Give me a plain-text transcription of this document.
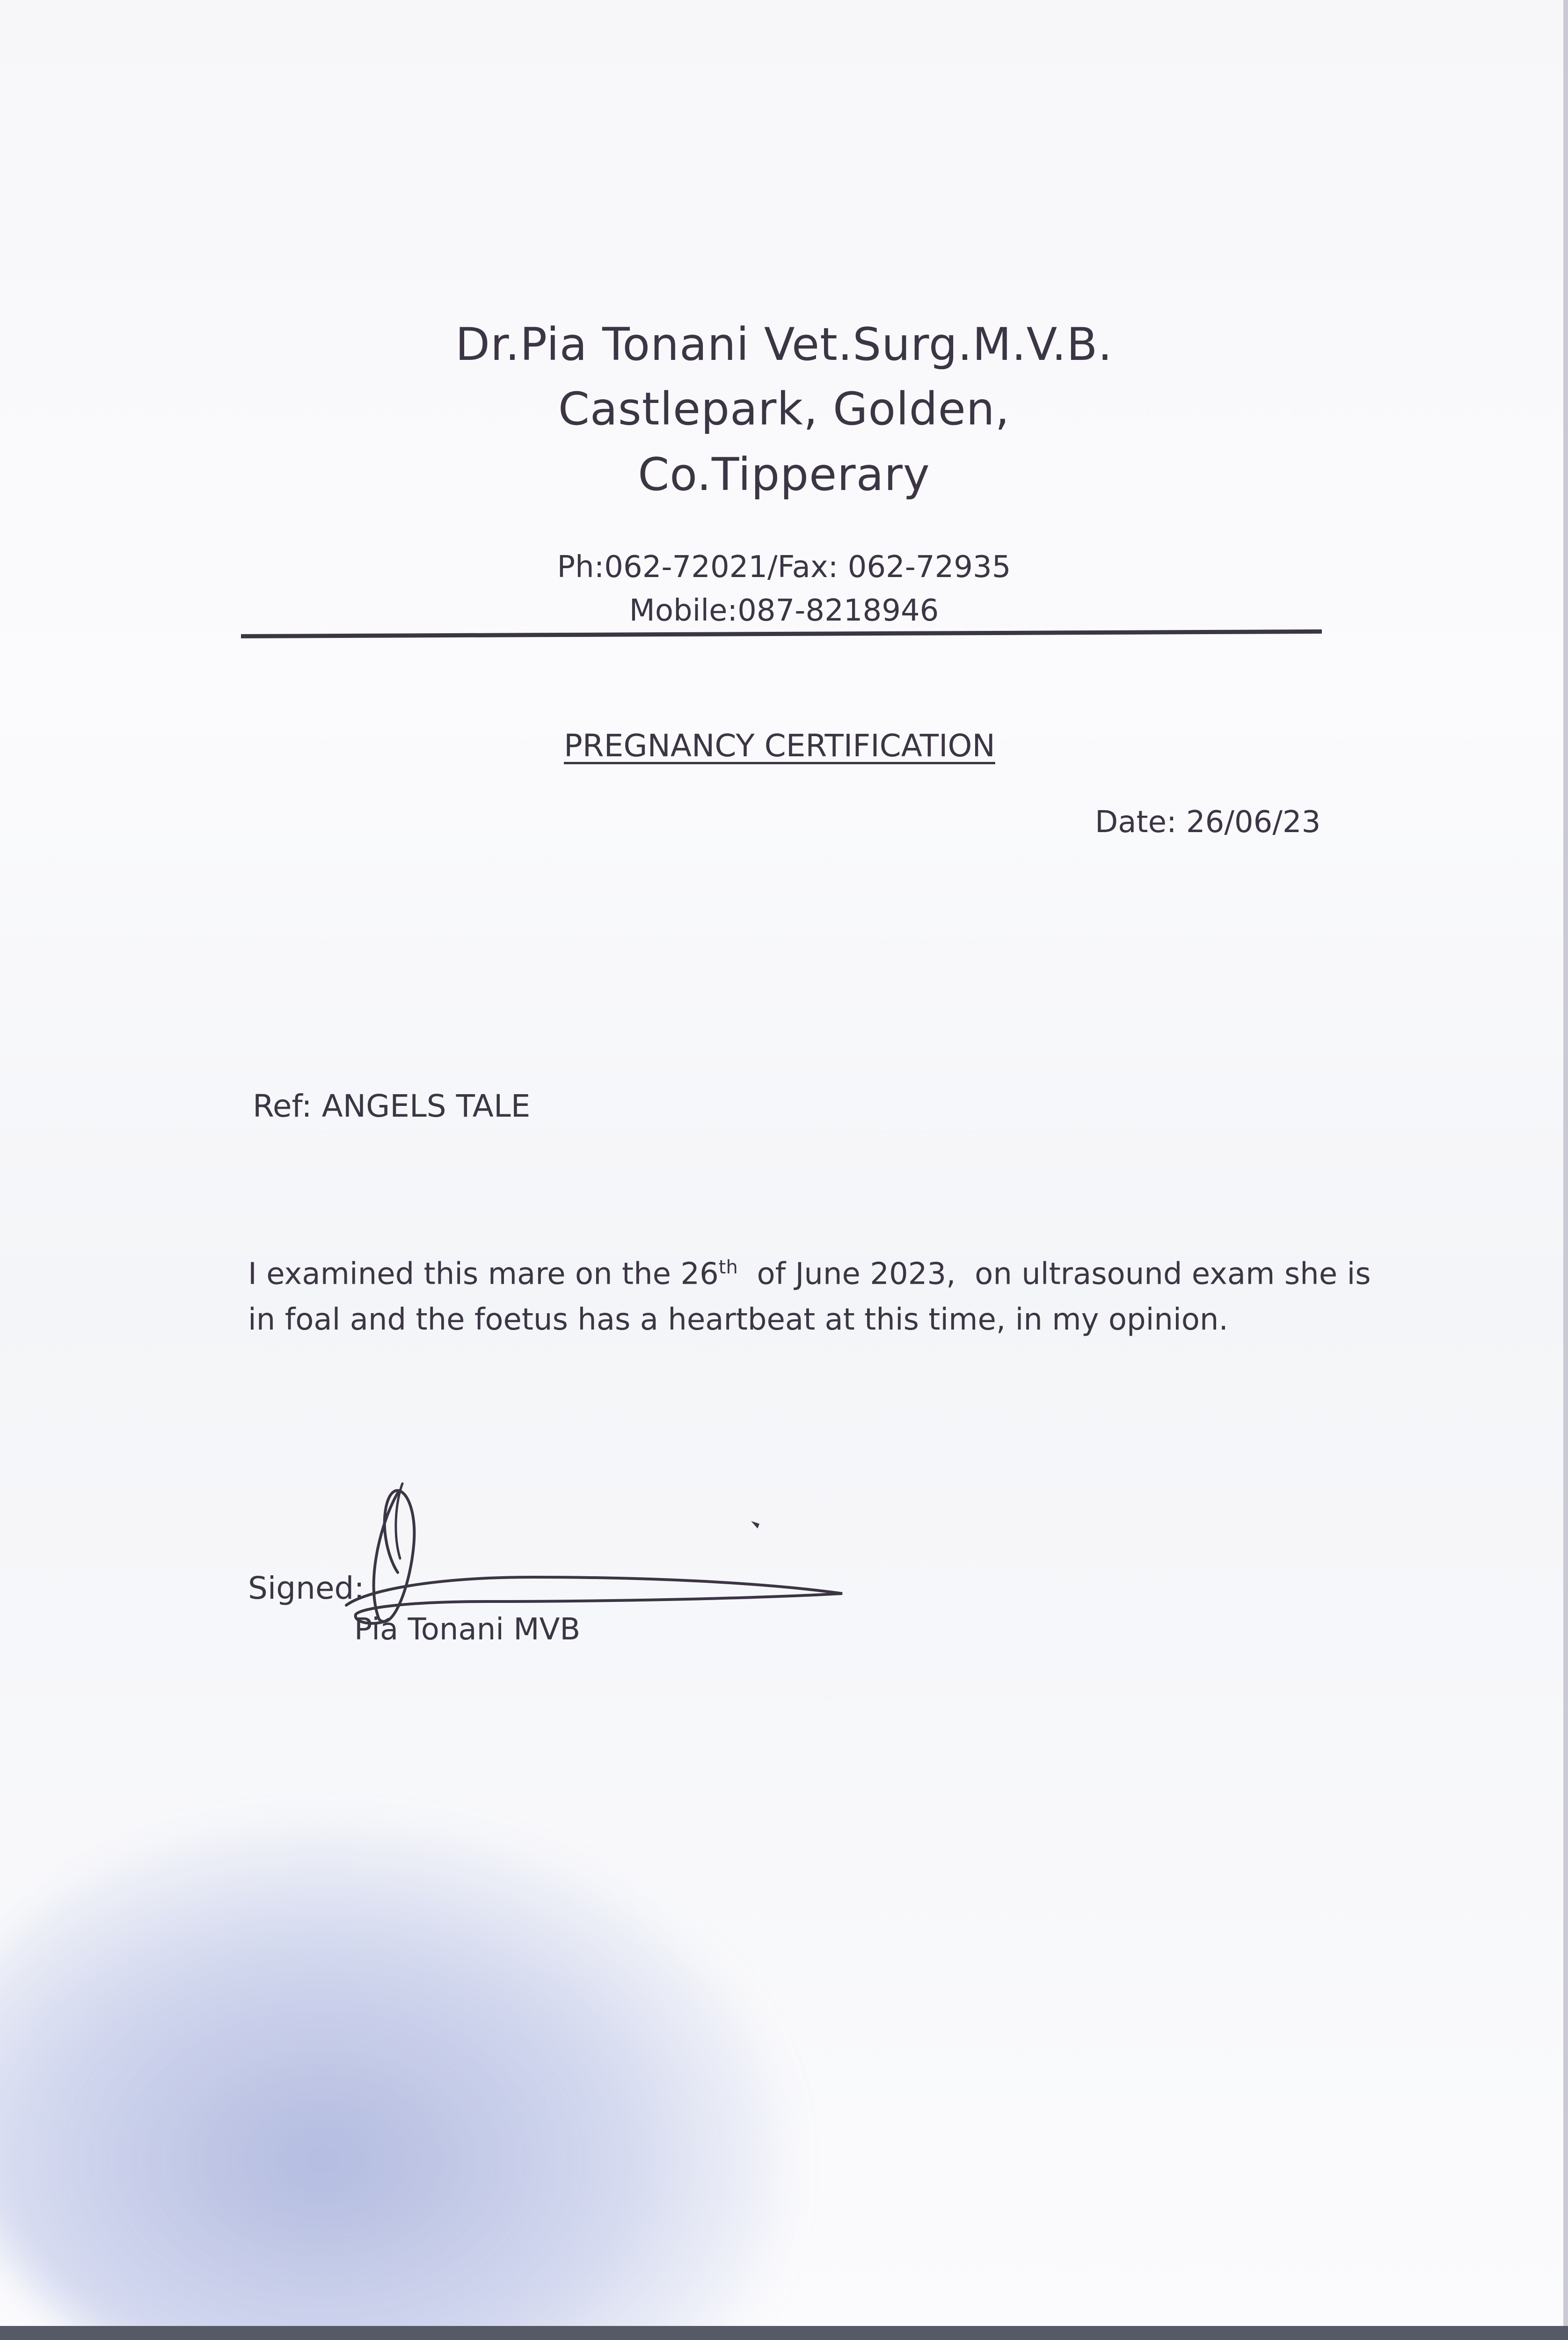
Dr.Pia Tonani Vet.Surg.M.V.B.
Castlepark, Golden,
Co.Tipperary
Ph:062-72021/Fax: 062-72935
Mobile:087-8218946
PREGNANCY CERTIFICATION
Date: 26/06/23
Ref: ANGELS TALE
I examined this mare on the 26th  of June 2023,  on ultrasound exam she is
in foal and the foetus has a heartbeat at this time, in my opinion.
Signed:
Pia Tonani MVB
